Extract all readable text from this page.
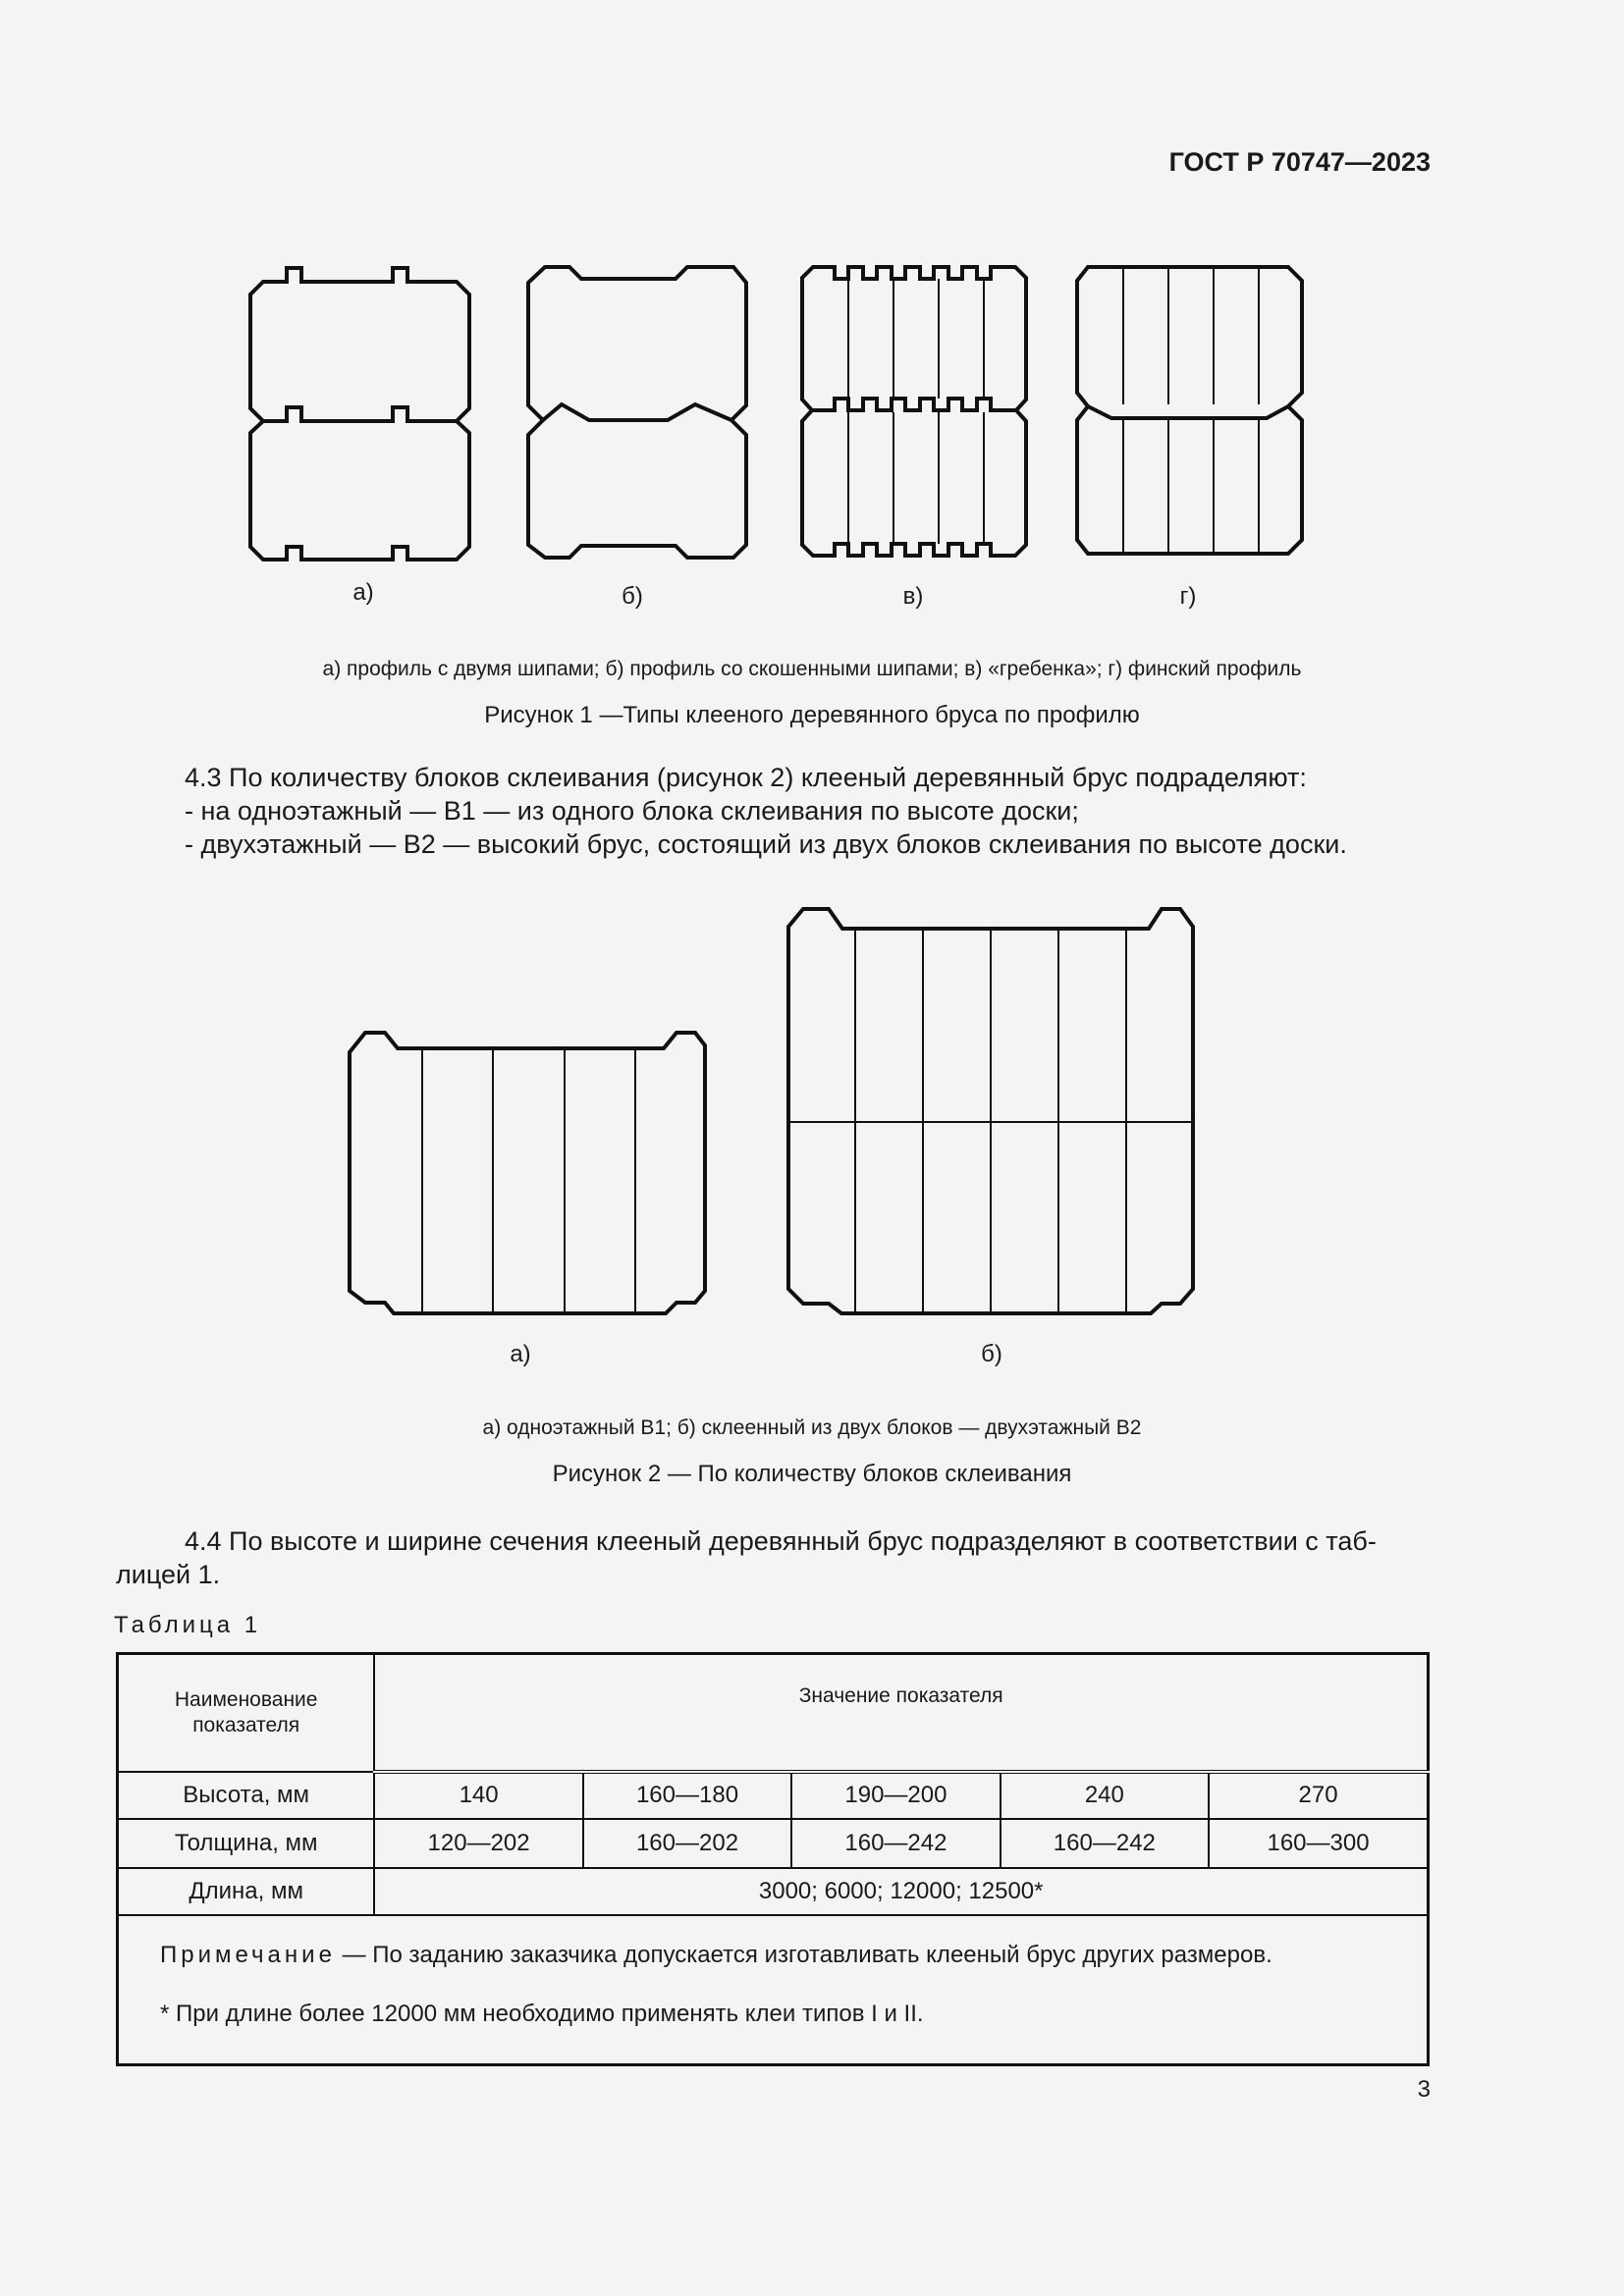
ГОСТ Р 70747—2023
а)	б)	в)	г)
а) профиль с двумя шипами; б) профиль со скошенными шипами; в) «гребенка»; г) финский профиль
Рисунок 1 —Типы клееного деревянного бруса по профилю
4.3 По количеству блоков склеивания (рисунок 2) клееный деревянный брус подраделяют:
- на одноэтажный — В1 — из одного блока склеивания по высоте доски;
- двухэтажный — В2 — высокий брус, состоящий из двух блоков склеивания по высоте доски.
а)	б)
а) одноэтажный В1; б) склеенный из двух блоков — двухэтажный В2
Рисунок 2 — По количеству блоков склеивания
4.4 По высоте и ширине сечения клееный деревянный брус подразделяют в соответствии с таб-
лицей 1.
Таблица 1
Наименование показателя	Значение показателя				
Высота, мм	140	160—180	190—200	240	270
Толщина, мм	120—202	160—202	160—242	160—242	160—300
Длина, мм	3000; 6000; 12000; 12500*				

Примечание — По заданию заказчика допускается изготавливать клееный брус других размеров.
* При длине более 12000 мм необходимо применять клеи типов I и II.					
3
